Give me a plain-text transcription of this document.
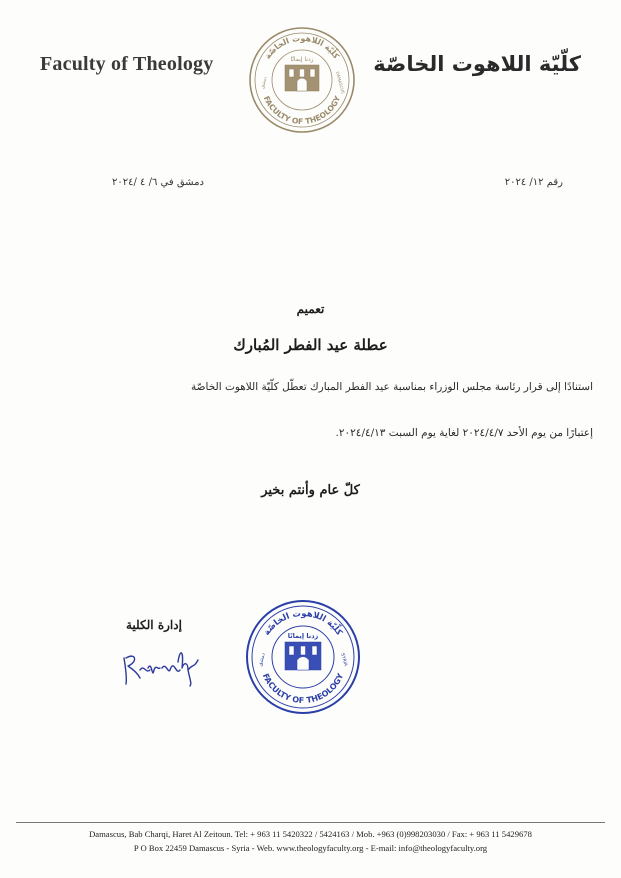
Faculty of Theology	كلّيّة اللاهوت الخاصّة
FACULTY OF THEOLOGY
زدنا إيمانًا
دمشق	DAMASCUS
كلّيّة اللاهوت الخاصّة
رقم ١٢/ ٢٠٢٤
دمشق في ٦/ ٤ /٢٠٢٤
تعميم
عطلة عيد الفطر المُبارك
استنادًا إلى قرار رئاسة مجلس الوزراء بمناسبة عيد الفطر المبارك تعطّل كلّيّة اللاهوت الخاصّة
إعتبارًا من يوم الأحد ٢٠٢٤/٤/٧ لغاية يوم السبت ٢٠٢٤/٤/١٣.
كلّ عام وأنتم بخير
إدارة الكلية
كلّيّة اللاهوت الخاصّة
FACULTY OF THEOLOGY
زدنا إيمانًا
دمشق	SYRIA
Damascus, Bab Charqi, Haret Al Zeitoun. Tel: + 963 11 5420322 / 5424163 / Mob. +963 (0)998203030 / Fax: + 963 11 5429678
P O Box 22459 Damascus - Syria - Web. www.theologyfaculty.org - E-mail: info@theologyfaculty.org
